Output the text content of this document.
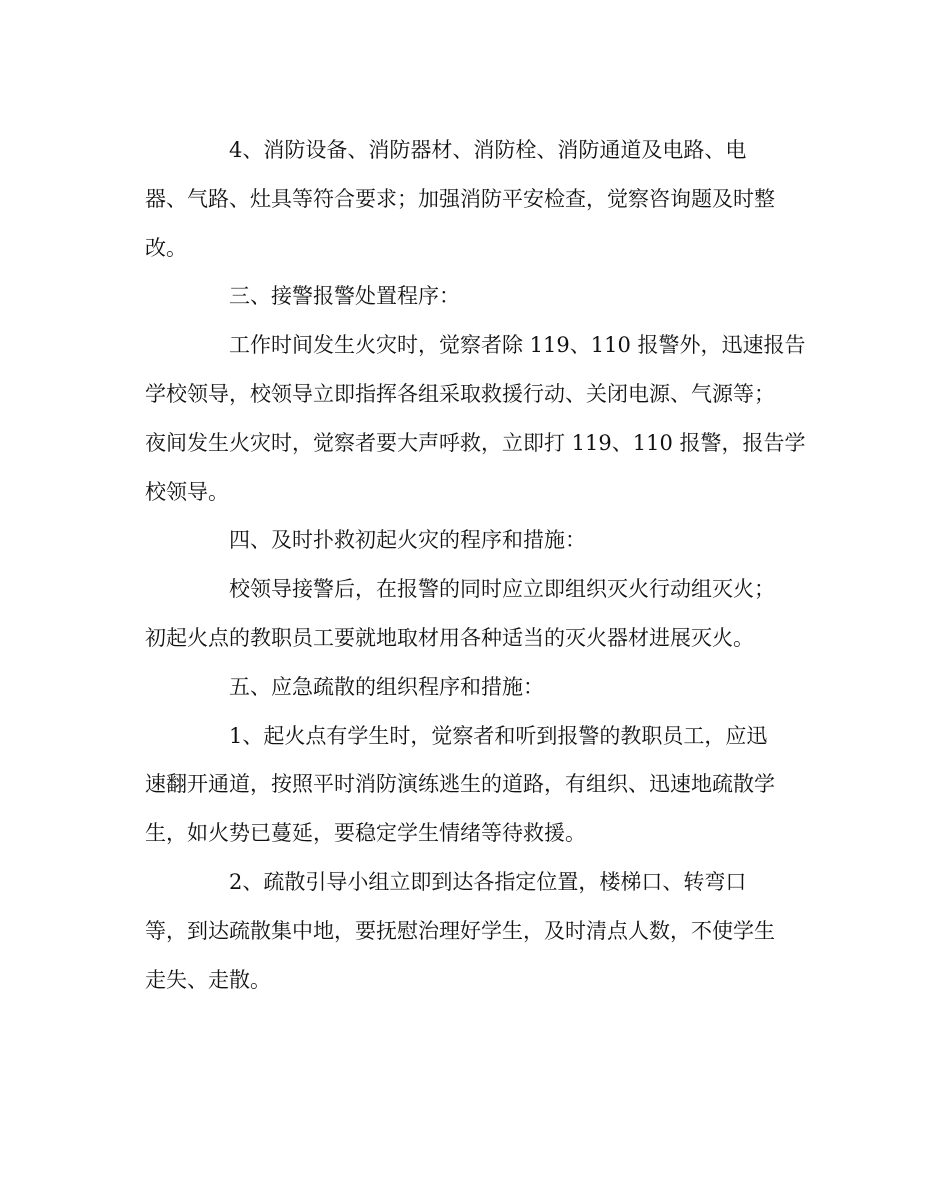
4、消防设备、消防器材、消防栓、消防通道及电路、电
器、气路、灶具等符合要求；加强消防平安检查，觉察咨询题及时整
改。
三、接警报警处置程序：
工作时间发生火灾时，觉察者除 119、110 报警外，迅速报告
学校领导，校领导立即指挥各组采取救援行动、关闭电源、气源等；
夜间发生火灾时，觉察者要大声呼救，立即打 119、110 报警，报告学
校领导。
四、及时扑救初起火灾的程序和措施：
校领导接警后，在报警的同时应立即组织灭火行动组灭火；
初起火点的教职员工要就地取材用各种适当的灭火器材进展灭火。
五、应急疏散的组织程序和措施：
1、起火点有学生时，觉察者和听到报警的教职员工，应迅
速翻开通道，按照平时消防演练逃生的道路，有组织、迅速地疏散学
生，如火势已蔓延，要稳定学生情绪等待救援。
2、疏散引导小组立即到达各指定位置，楼梯口、转弯口
等，到达疏散集中地，要抚慰治理好学生，及时清点人数，不使学生
走失、走散。
